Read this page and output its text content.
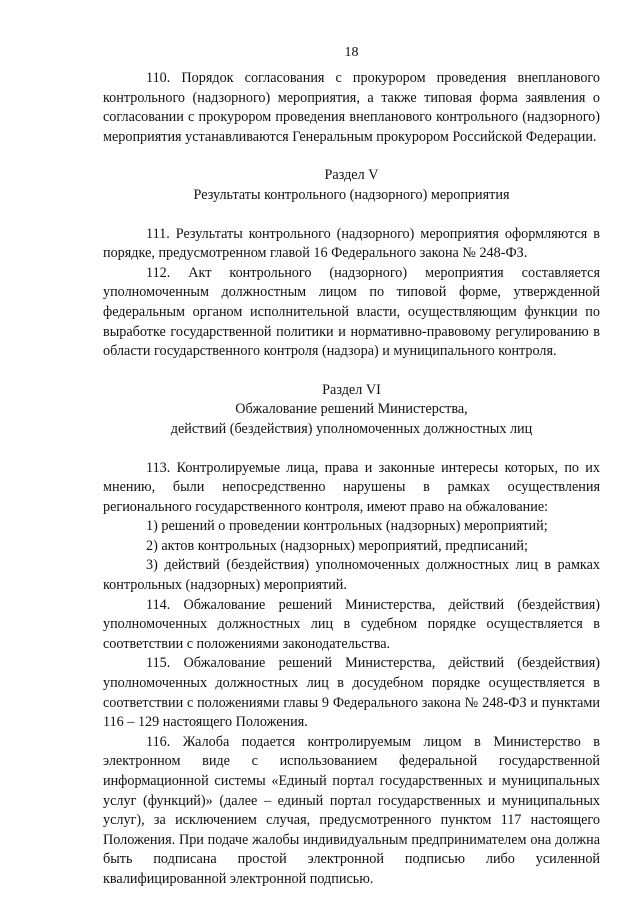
18

110. Порядок согласования с прокурором проведения внепланового контрольного (надзорного) мероприятия, а также типовая форма заявления о согласовании с прокурором проведения внепланового контрольного (надзорного) мероприятия устанавливаются Генеральным прокурором Российской Федерации.

Раздел V

Результаты контрольного (надзорного) мероприятия

111. Результаты контрольного (надзорного) мероприятия оформляются в порядке, предусмотренном главой 16 Федерального закона № 248-ФЗ.

112. Акт контрольного (надзорного) мероприятия составляется уполномоченным должностным лицом по типовой форме, утвержденной федеральным органом исполнительной власти, осуществляющим функции по выработке государственной политики и нормативно-правовому регулированию в области государственного контроля (надзора) и муниципального контроля.

Раздел VI

Обжалование решений Министерства,

действий (бездействия) уполномоченных должностных лиц

113. Контролируемые лица, права и законные интересы которых, по их мнению, были непосредственно нарушены в рамках осуществления регионального государственного контроля, имеют право на обжалование:

1) решений о проведении контрольных (надзорных) мероприятий;

2) актов контрольных (надзорных) мероприятий, предписаний;

3) действий (бездействия) уполномоченных должностных лиц в рамках контрольных (надзорных) мероприятий.

114. Обжалование решений Министерства, действий (бездействия) уполномоченных должностных лиц в судебном порядке осуществляется в соответствии с положениями законодательства.

115. Обжалование решений Министерства, действий (бездействия) уполномоченных должностных лиц в досудебном порядке осуществляется в соответствии с положениями главы 9 Федерального закона № 248-ФЗ и пунктами 116 – 129 настоящего Положения.

116. Жалоба подается контролируемым лицом в Министерство в электронном виде с использованием федеральной государственной информационной системы «Единый портал государственных и муниципальных услуг (функций)» (далее – единый портал государственных и муниципальных услуг), за исключением случая, предусмотренного пунктом 117 настоящего Положения. При подаче жалобы индивидуальным предпринимателем она должна быть подписана простой электронной подписью либо усиленной квалифицированной электронной подписью.
